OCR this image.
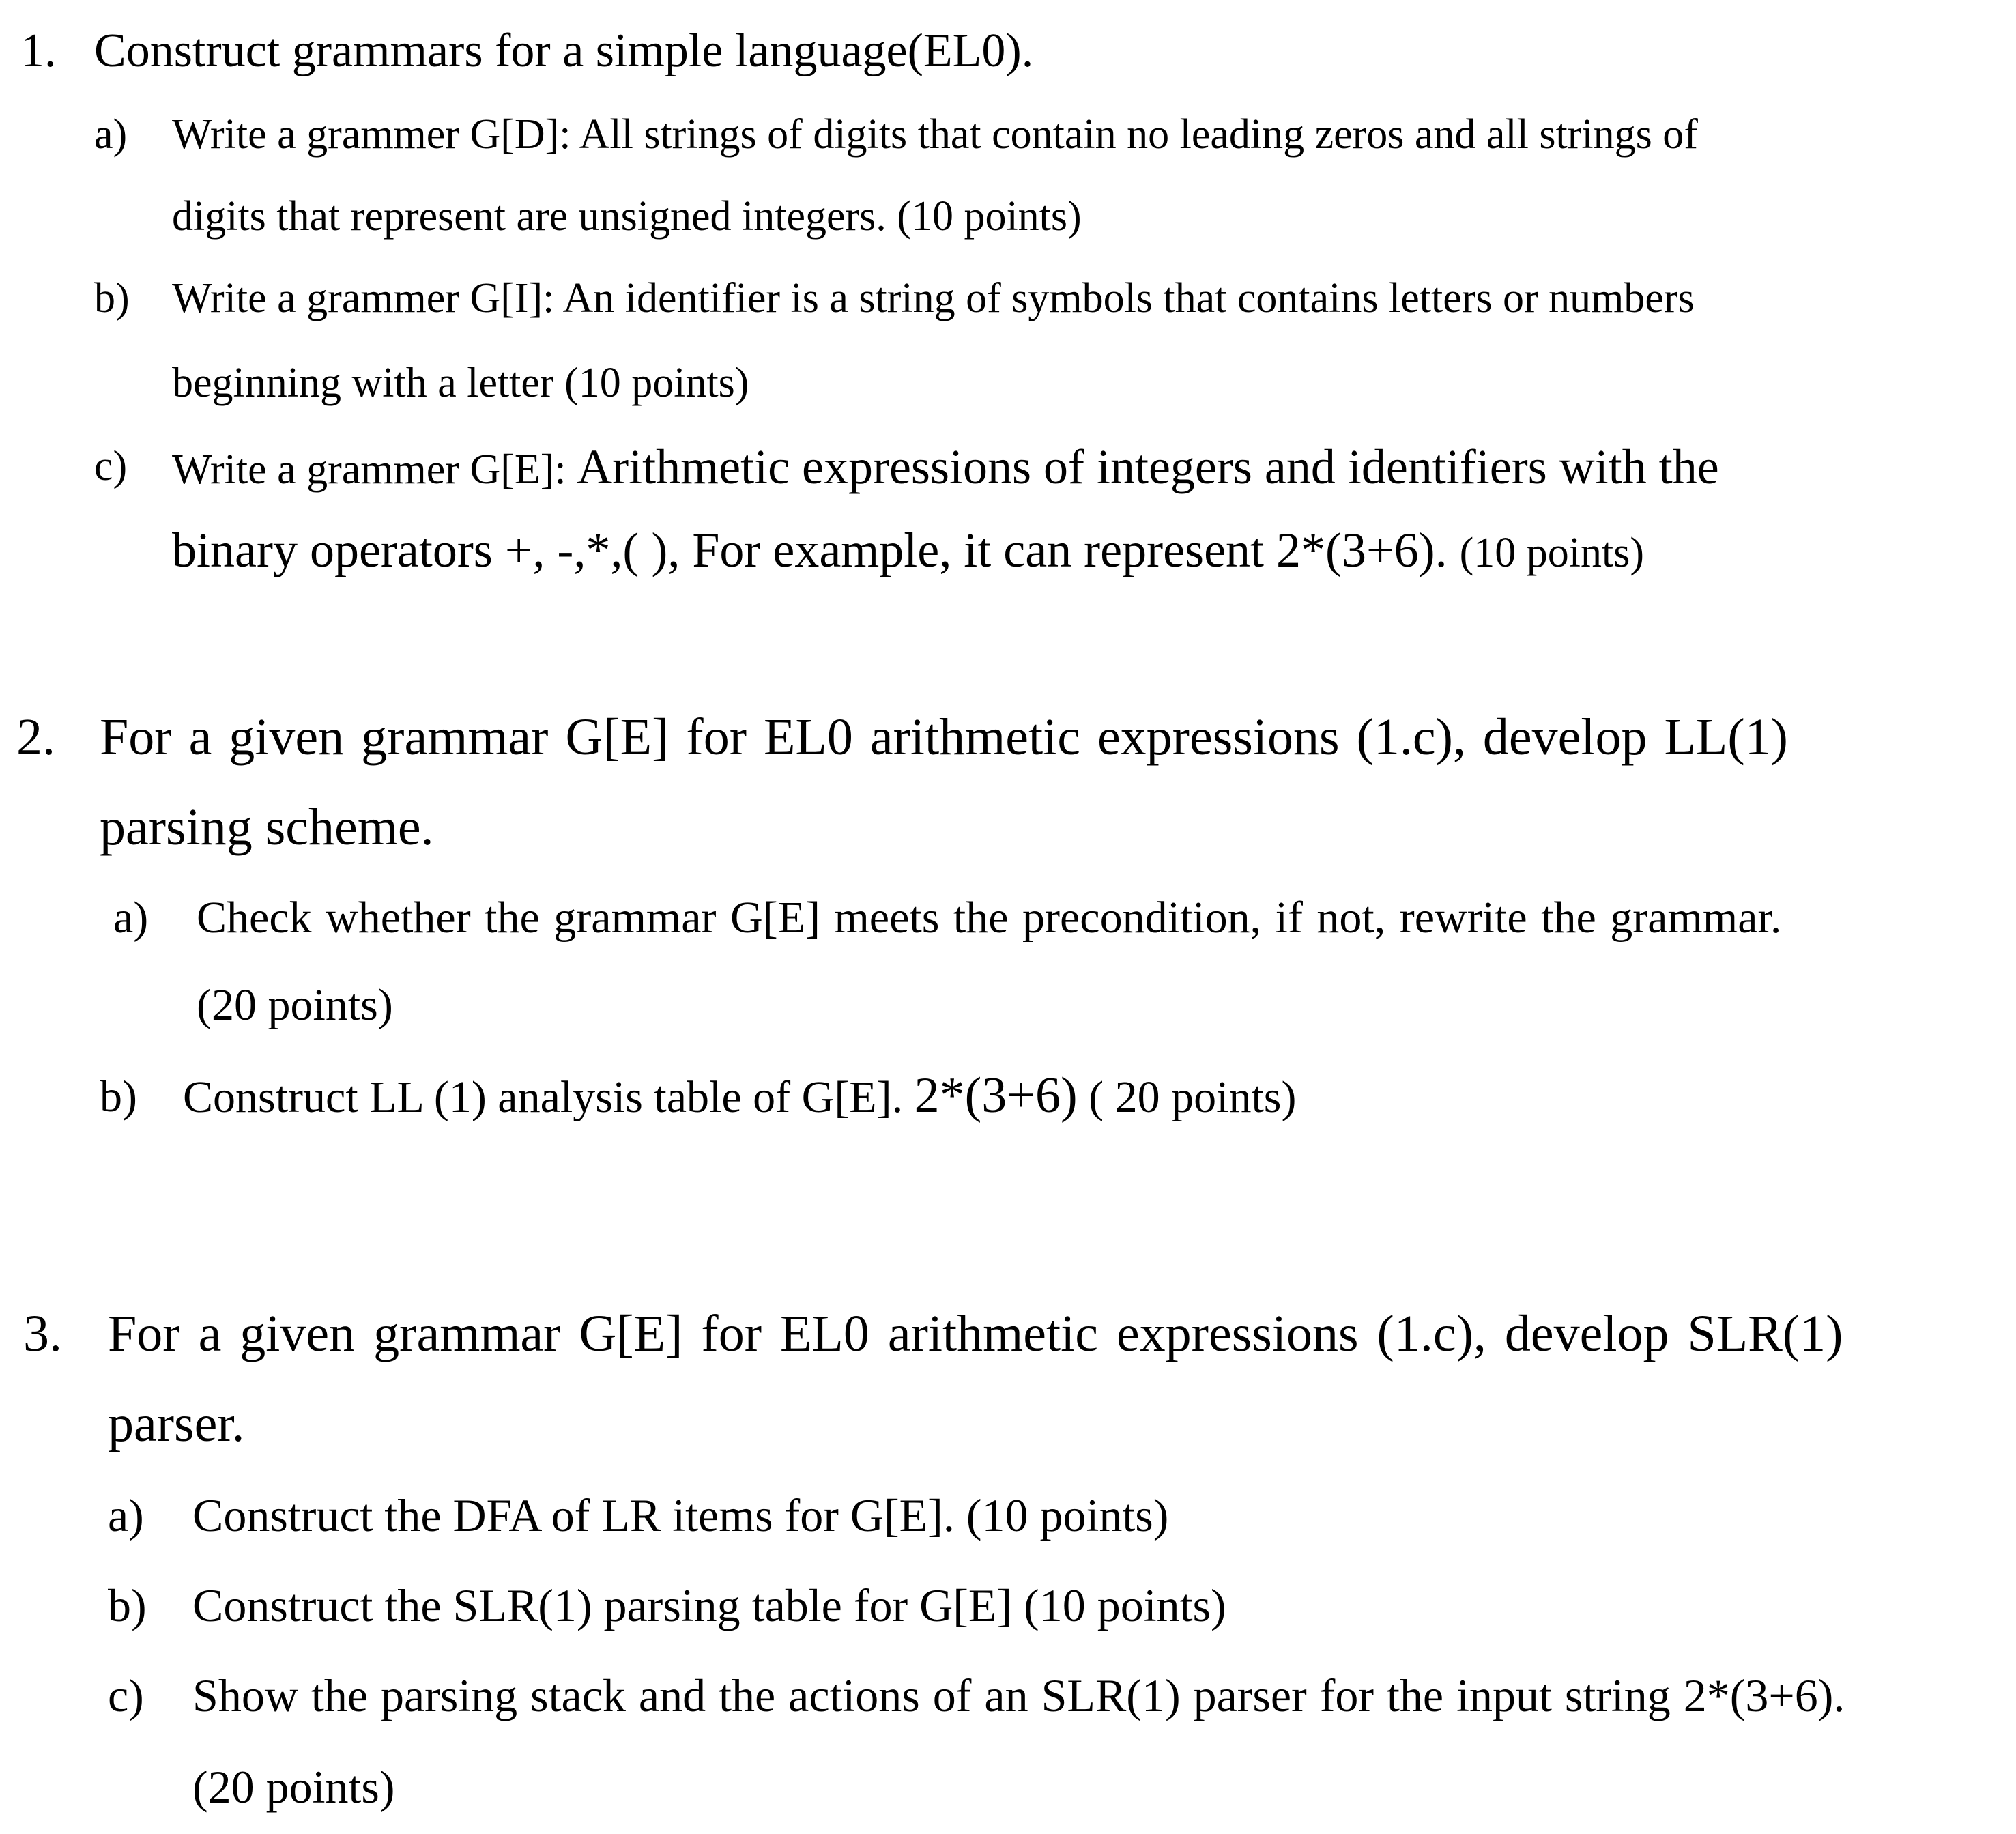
1. Construct grammars for a simple language(EL0).
a) Write a grammer G[D]: All strings of digits that contain no leading zeros and all strings of
digits that represent are unsigned integers. (10 points)
b) Write a grammer G[I]: An identifier is a string of symbols that contains letters or numbers
beginning with a letter (10 points)
c) Write a grammer G[E]: Arithmetic expressions of integers and identifiers with the
binary operators +, -,*,( ), For example, it can represent 2*(3+6). (10 points)
2. For a given grammar G[E] for EL0 arithmetic expressions (1.c), develop LL(1)
parsing scheme.
a) Check whether the grammar G[E] meets the precondition, if not, rewrite the grammar.
(20 points)
b) Construct LL (1) analysis table of G[E]. 2*(3+6) ( 20 points)
3. For a given grammar G[E] for EL0 arithmetic expressions (1.c), develop SLR(1)
parser.
a) Construct the DFA of LR items for G[E]. (10 points)
b) Construct the SLR(1) parsing table for G[E] (10 points)
c) Show the parsing stack and the actions of an SLR(1) parser for the input string 2*(3+6).
(20 points)
